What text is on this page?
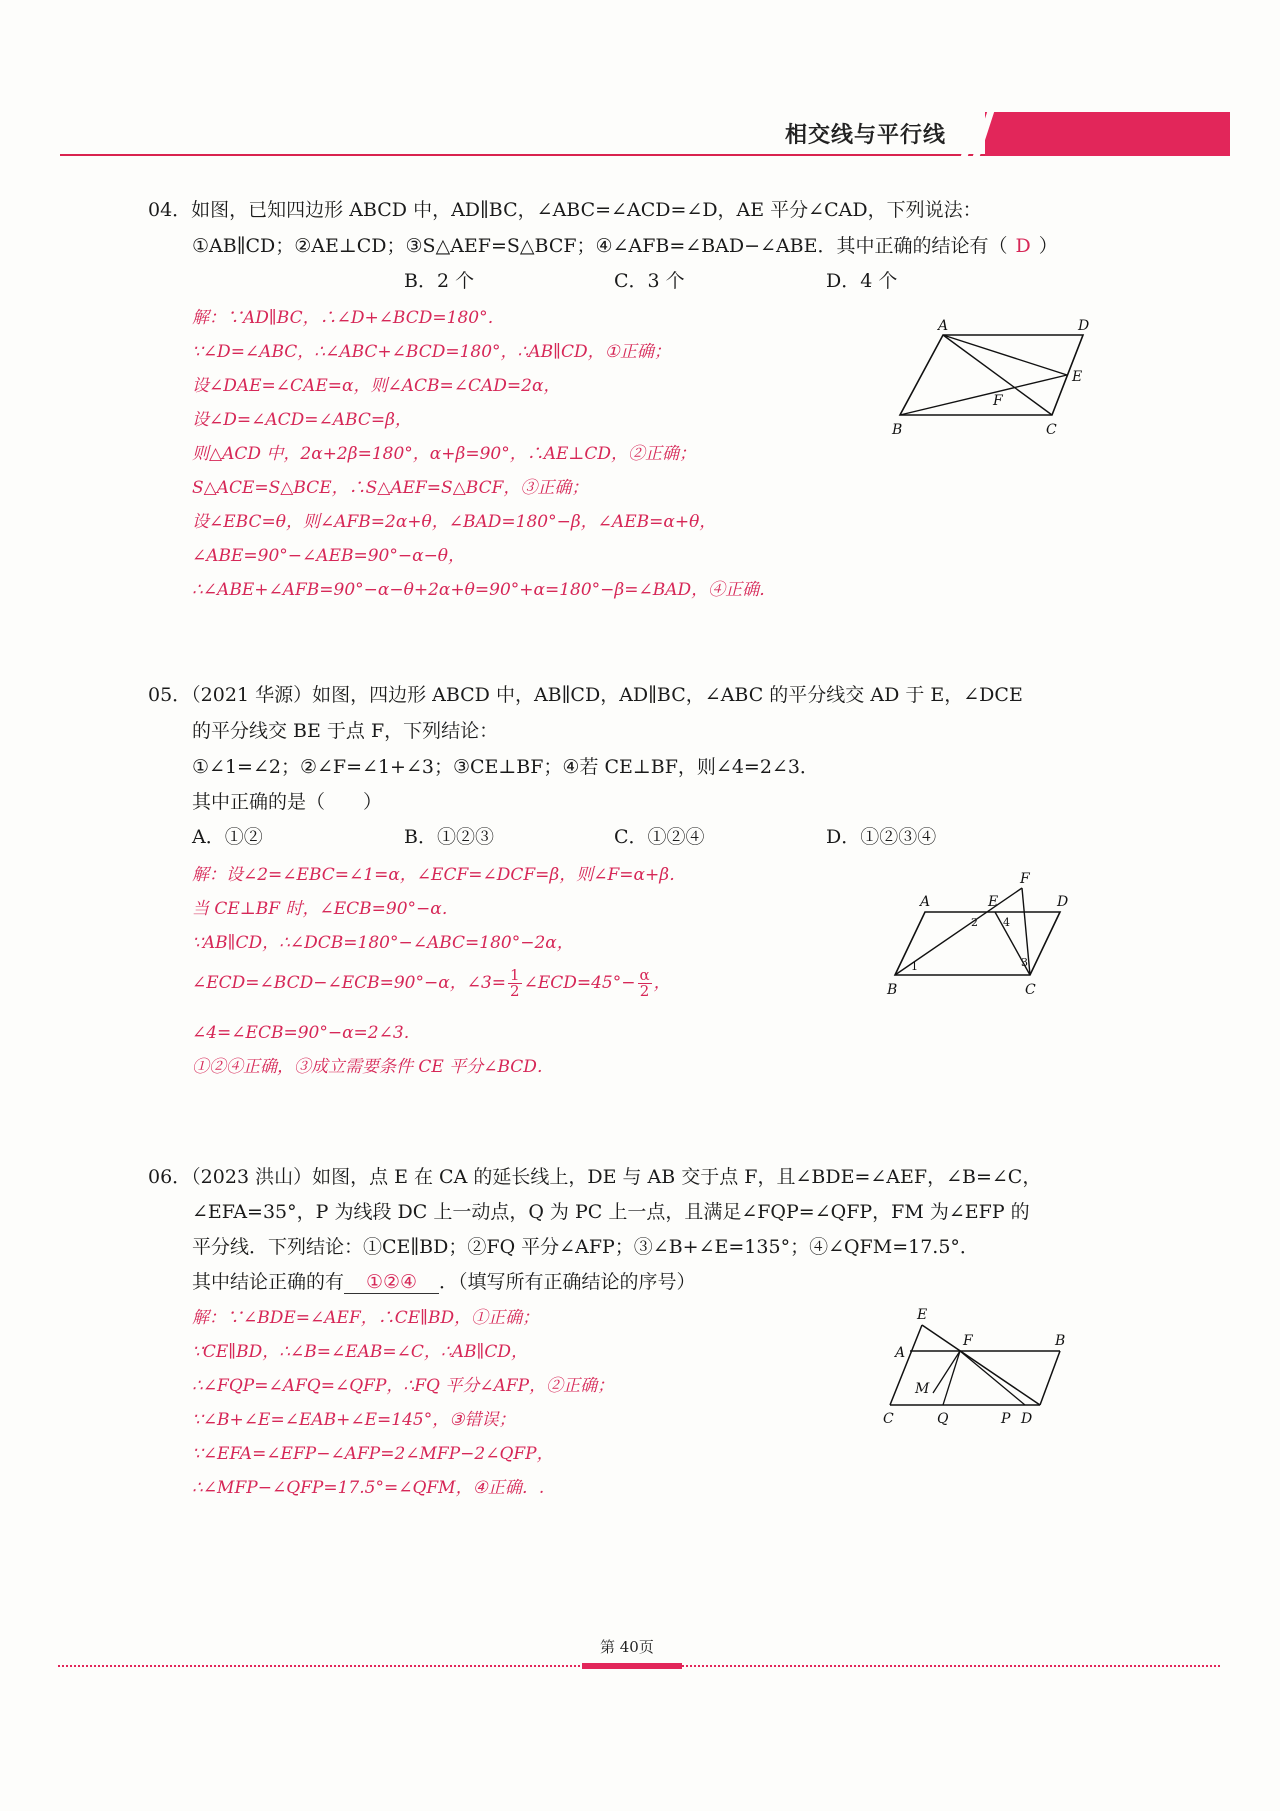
相交线与平行线
04．如图，已知四边形 ABCD 中，AD∥BC，∠ABC=∠ACD=∠D，AE 平分∠CAD，下列说法：
①AB∥CD；②AE⊥CD；③S△AEF=S△BCF；④∠AFB=∠BAD−∠ABE．其中正确的结论有（ D ）
B．2 个	C．3 个	D．4 个
解：∵AD∥BC，∴∠D+∠BCD=180°．
∵∠D=∠ABC，∴∠ABC+∠BCD=180°，∴AB∥CD，①正确；
设∠DAE=∠CAE=α，则∠ACB=∠CAD=2α，
设∠D=∠ACD=∠ABC=β，
则△ACD 中，2α+2β=180°，α+β=90°，∴AE⊥CD，②正确；
S△ACE=S△BCE，∴S△AEF=S△BCF，③正确；
设∠EBC=θ，则∠AFB=2α+θ，∠BAD=180°−β，∠AEB=α+θ，
∠ABE=90°−∠AEB=90°−α−θ，
∴∠ABE+∠AFB=90°−α−θ+2α+θ=90°+α=180°−β=∠BAD，④正确．
A	D
E
F
B	C
05．（2021 华源）如图，四边形 ABCD 中，AB∥CD，AD∥BC，∠ABC 的平分线交 AD 于 E，∠DCE
的平分线交 BE 于点 F，下列结论：
①∠1=∠2；②∠F=∠1+∠3；③CE⊥BF；④若 CE⊥BF，则∠4=2∠3．
其中正确的是（　　）
A．①②	B．①②③	C．①②④	D．①②③④
解：设∠2=∠EBC=∠1=α，∠ECF=∠DCF=β，则∠F=α+β．
当 CE⊥BF 时，∠ECB=90°−α．
∵AB∥CD，∴∠DCB=180°−∠ABC=180°−2α，
∠ECD=∠BCD−∠ECB=90°−α，∠3= $\frac{1}{2}$ ∠ECD=45°− $\frac{\alpha}{2}$ ，
∠4=∠ECB=90°−α=2∠3．
①②④正确，③成立需要条件 CE 平分∠BCD．
F
A	E	D
2 4
1	3
B	C
06．（2023 洪山）如图，点 E 在 CA 的延长线上，DE 与 AB 交于点 F，且∠BDE=∠AEF，∠B=∠C，
∠EFA=35°，P 为线段 DC 上一动点，Q 为 PC 上一点，且满足∠FQP=∠QFP，FM 为∠EFP 的
平分线．下列结论：①CE∥BD；②FQ 平分∠AFP；③∠B+∠E=135°；④∠QFM=17.5°．
其中结论正确的有 ①②④ ．（填写所有正确结论的序号）
解：∵∠BDE=∠AEF，∴CE∥BD，①正确；
∵CE∥BD，∴∠B=∠EAB=∠C，∴AB∥CD，
∴∠FQP=∠AFQ=∠QFP，∴FQ 平分∠AFP，②正确；
∵∠B+∠E=∠EAB+∠E=145°，③错误；
∵∠EFA=∠EFP−∠AFP=2∠MFP−2∠QFP，
∴∠MFP−∠QFP=17.5°=∠QFM，④正确．.
E
A
F	B
M
C	Q	P D
第 40页
